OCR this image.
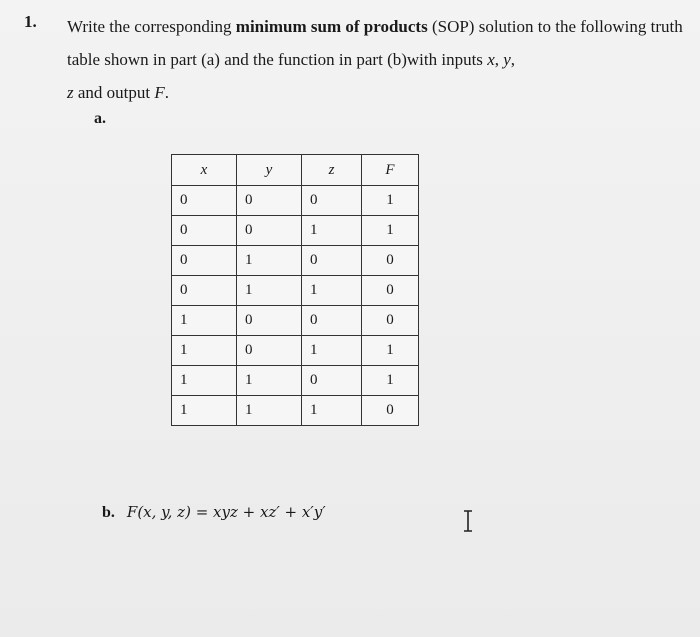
1. Write the corresponding minimum sum of products (SOP) solution to the following truth table shown in part (a) and the function in part (b)with inputs x, y,
z and output F.
a.
x	y	z	F
0	0	0	1
0	0	1	1
0	1	0	0
0	1	1	0
1	0	0	0
1	0	1	1
1	1	0	1
1	1	1	0
b. F(x, y, z) = xyz + xz′ + x′y′
